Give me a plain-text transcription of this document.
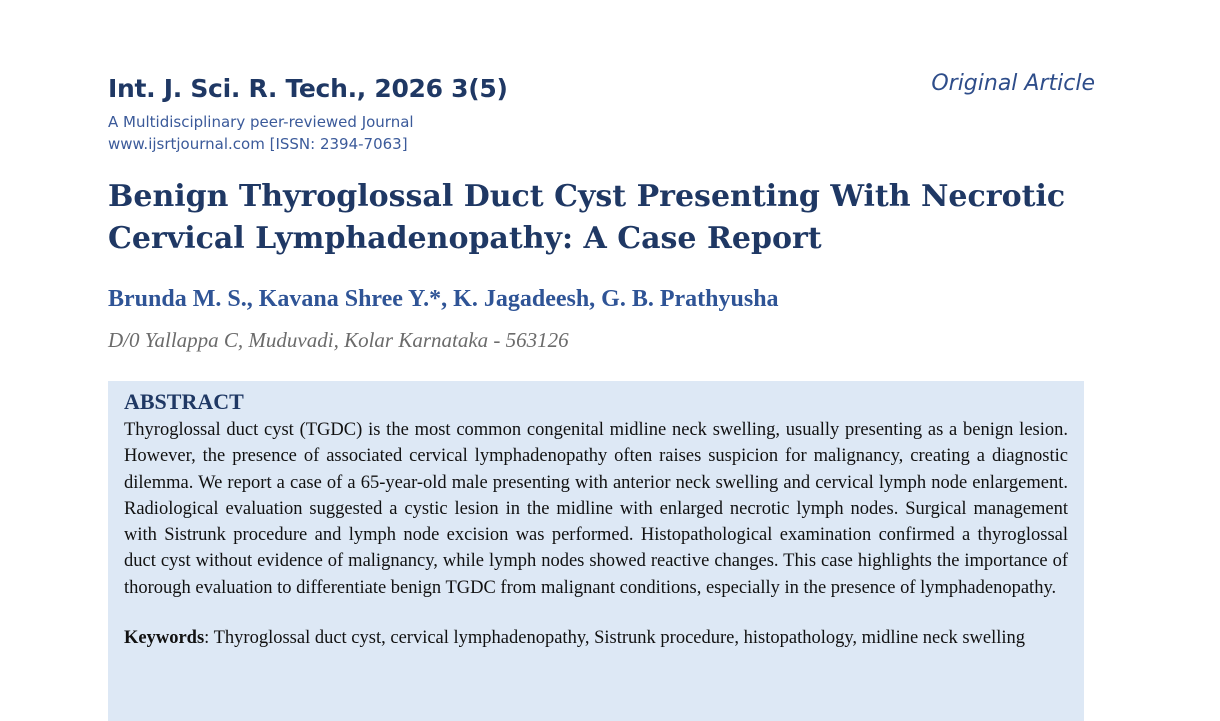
Int. J. Sci. R. Tech., 2026 3(5)	Original Article
A Multidisciplinary peer-reviewed Journal
www.ijsrtjournal.com [ISSN: 2394-7063]
Benign Thyroglossal Duct Cyst Presenting With Necrotic Cervical Lymphadenopathy: A Case Report
Brunda M. S., Kavana Shree Y.*, K. Jagadeesh, G. B. Prathyusha
D/0 Yallappa C, Muduvadi, Kolar Karnataka - 563126
ABSTRACT

Thyroglossal duct cyst (TGDC) is the most common congenital midline neck swelling, usually presenting as a benign lesion. However, the presence of associated cervical lymphadenopathy often raises suspicion for malignancy, creating a diagnostic dilemma. We report a case of a 65-year-old male presenting with anterior neck swelling and cervical lymph node enlargement. Radiological evaluation suggested a cystic lesion in the midline with enlarged necrotic lymph nodes. Surgical management with Sistrunk procedure and lymph node excision was performed. Histopathological examination confirmed a thyroglossal duct cyst without evidence of malignancy, while lymph nodes showed reactive changes. This case highlights the importance of thorough evaluation to differentiate benign TGDC from malignant conditions, especially in the presence of lymphadenopathy.

Keywords: Thyroglossal duct cyst, cervical lymphadenopathy, Sistrunk procedure, histopathology, midline neck swelling
